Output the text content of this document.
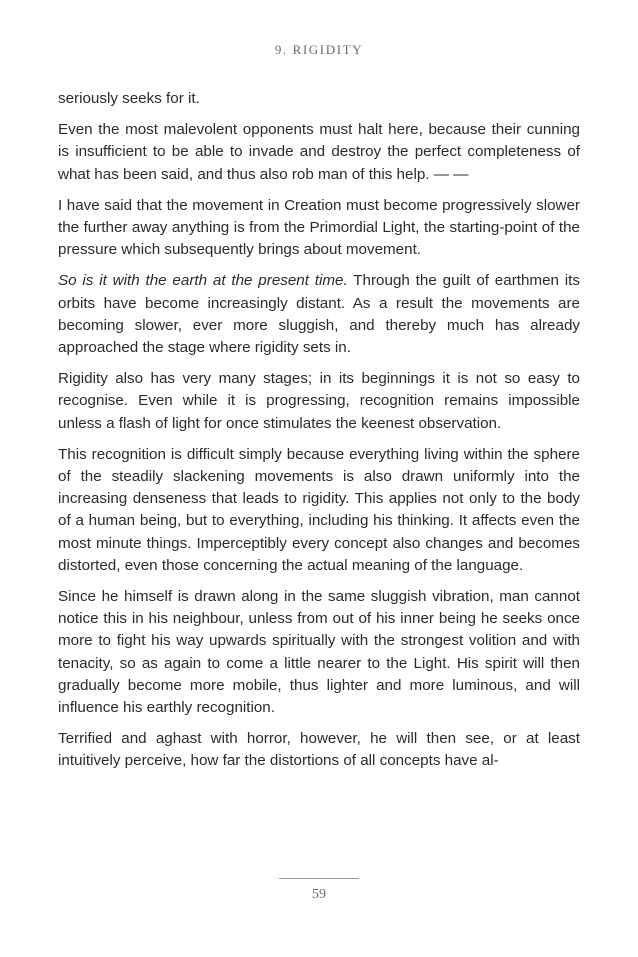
9. RIGIDITY

seriously seeks for it.

Even the most malevolent opponents must halt here, because their cunning is insufficient to be able to invade and destroy the perfect completeness of what has been said, and thus also rob man of this help. — —

I have said that the movement in Creation must become progressively slower the further away anything is from the Primordial Light, the starting-point of the pressure which subsequently brings about movement.

So is it with the earth at the present time. Through the guilt of earthmen its orbits have become increasingly distant. As a result the movements are becoming slower, ever more sluggish, and thereby much has already approached the stage where rigidity sets in.

Rigidity also has very many stages; in its beginnings it is not so easy to recognise. Even while it is progressing, recognition remains impossible unless a flash of light for once stimulates the keenest observation.

This recognition is difficult simply because everything living within the sphere of the steadily slackening movements is also drawn uniformly into the increasing denseness that leads to rigidity. This applies not only to the body of a human being, but to everything, including his thinking. It affects even the most minute things. Imperceptibly every concept also changes and becomes distorted, even those concerning the actual meaning of the language.

Since he himself is drawn along in the same sluggish vibration, man cannot notice this in his neighbour, unless from out of his inner being he seeks once more to fight his way upwards spiritually with the strongest volition and with tenacity, so as again to come a little nearer to the Light. His spirit will then gradually become more mobile, thus lighter and more luminous, and will influence his earthly recognition.

Terrified and aghast with horror, however, he will then see, or at least intuitively perceive, how far the distortions of all concepts have al-

59
